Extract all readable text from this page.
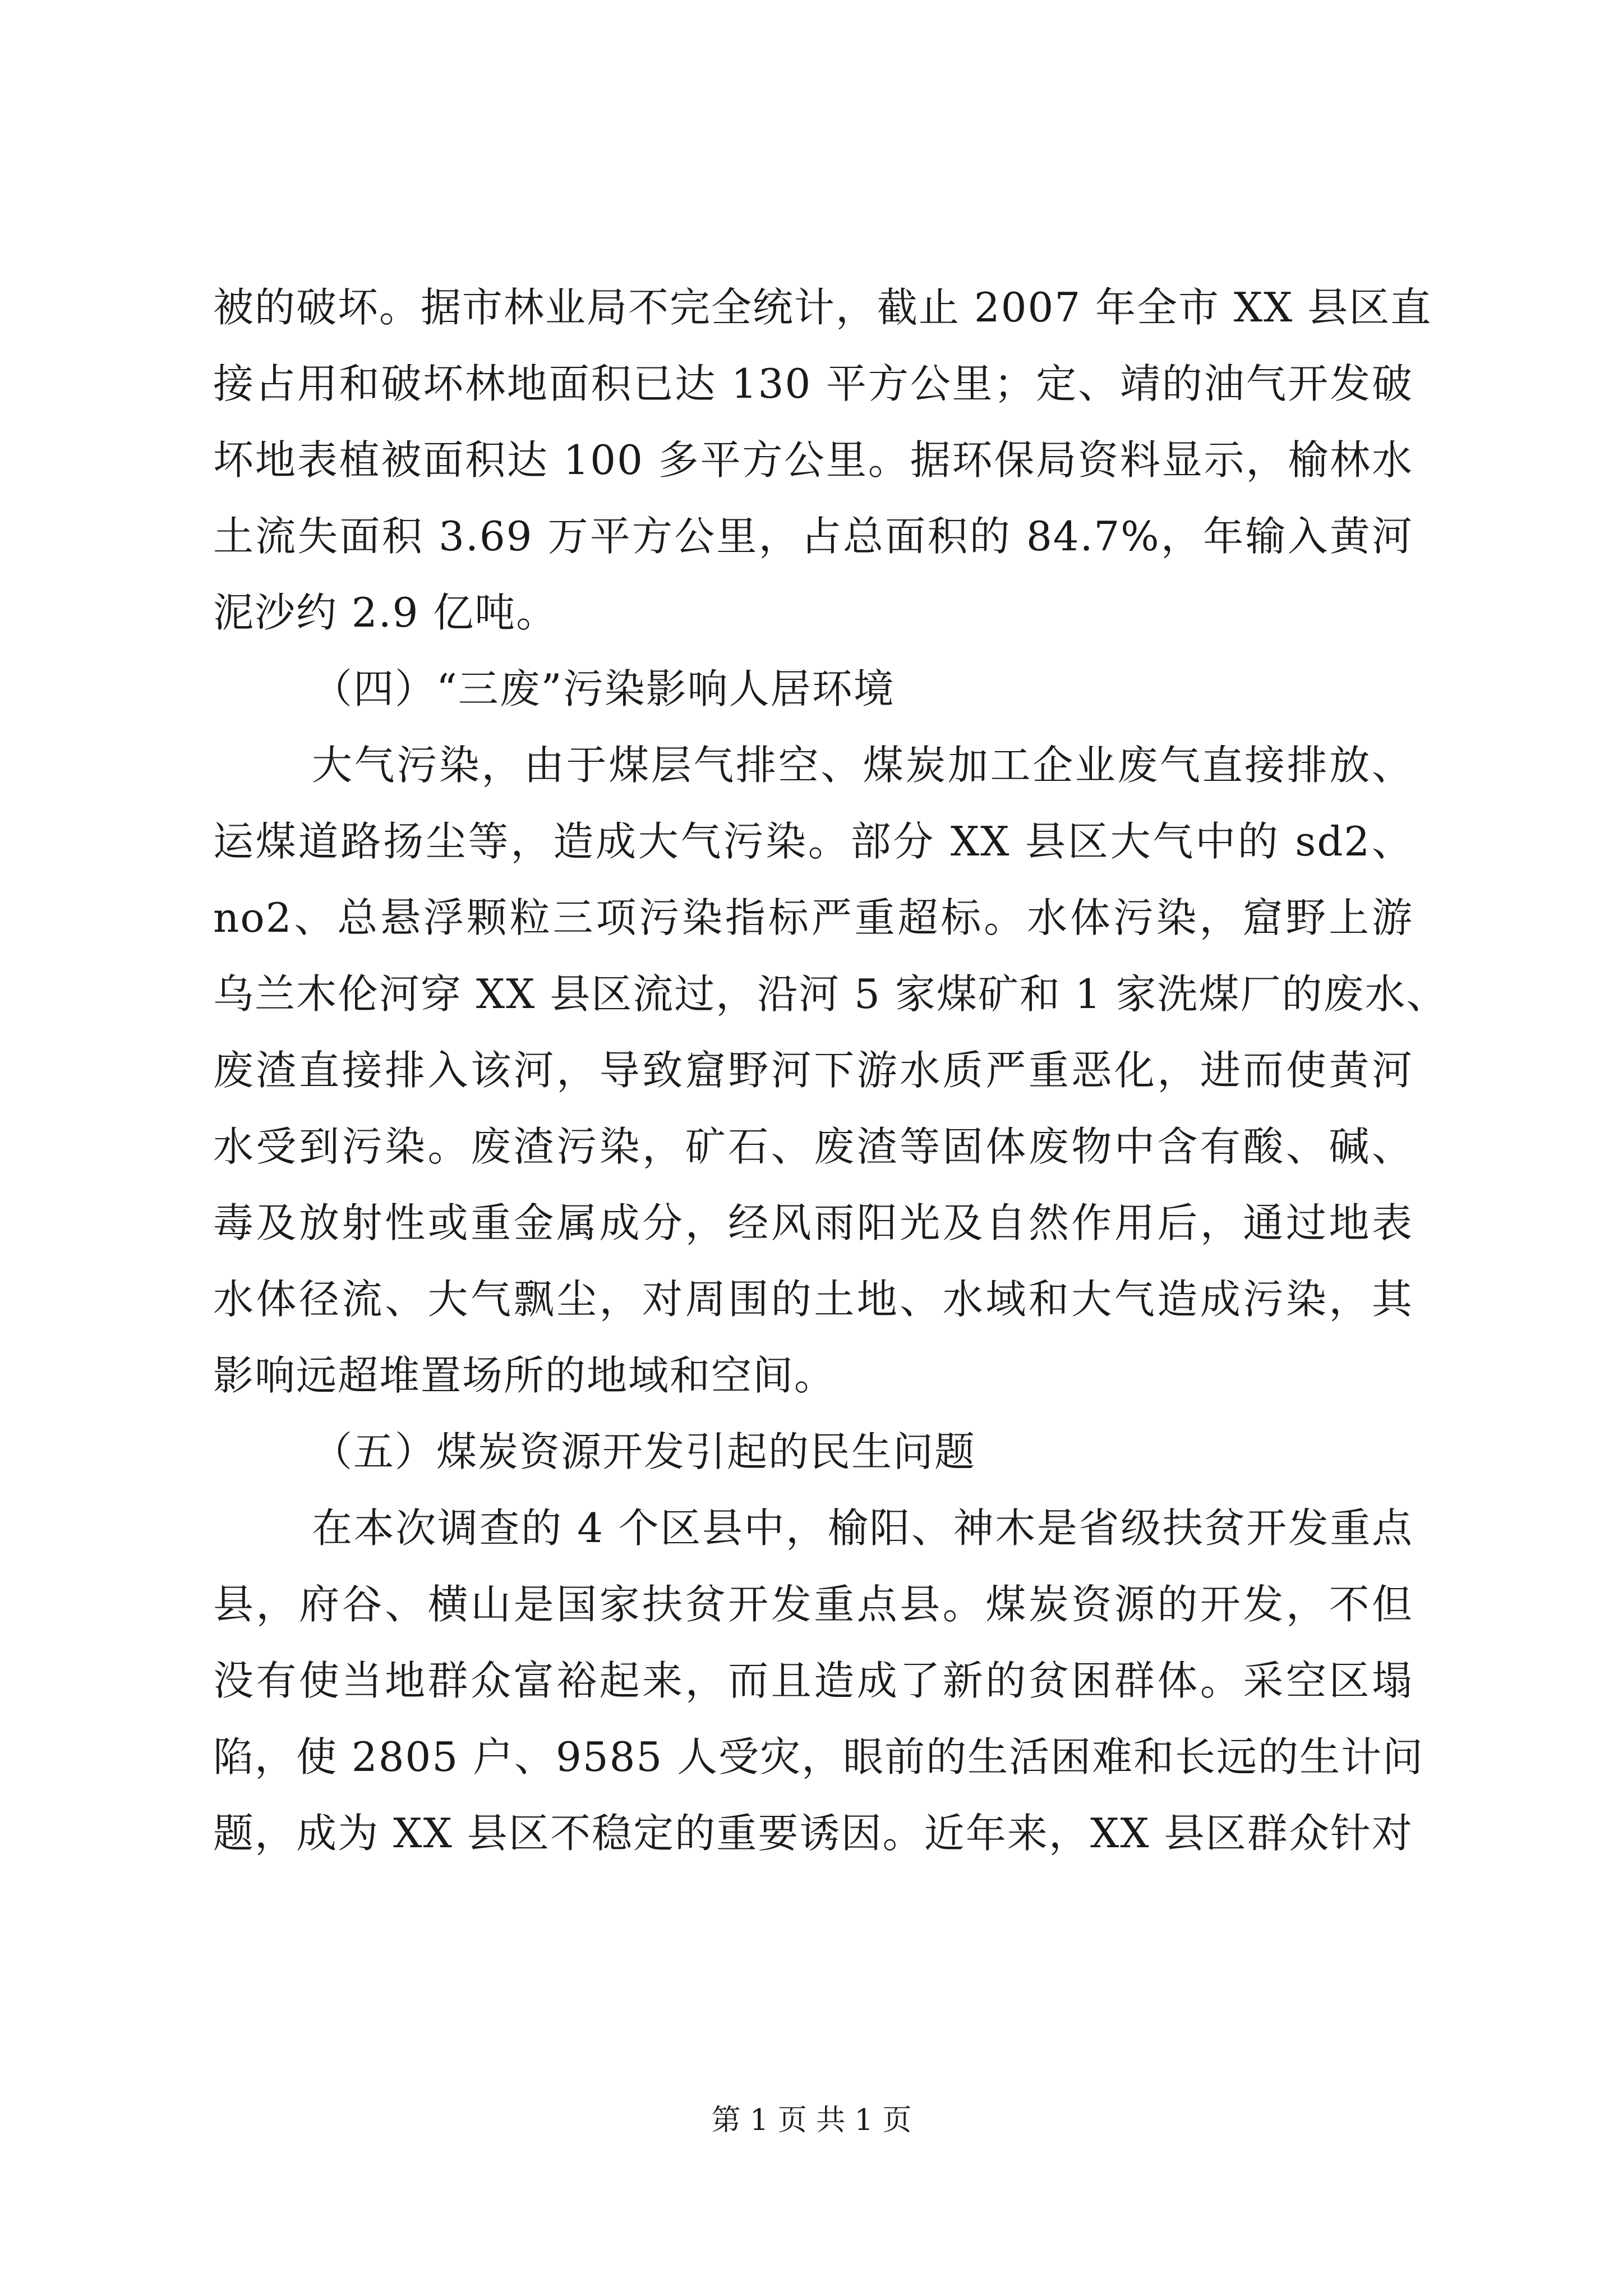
被的破坏。据市林业局不完全统计，截止 2007 年全市 XX 县区直
接占用和破坏林地面积已达 130 平方公里；定、靖的油气开发破
坏地表植被面积达 100 多平方公里。据环保局资料显示，榆林水
土流失面积 3.69 万平方公里，占总面积的 84.7%，年输入黄河
泥沙约 2.9 亿吨。
（四）“三废”污染影响人居环境
大气污染，由于煤层气排空、煤炭加工企业废气直接排放、
运煤道路扬尘等，造成大气污染。部分 XX 县区大气中的 sd2、
no2、总悬浮颗粒三项污染指标严重超标。水体污染，窟野上游
乌兰木伦河穿 XX 县区流过，沿河 5 家煤矿和 1 家洗煤厂的废水、
废渣直接排入该河，导致窟野河下游水质严重恶化，进而使黄河
水受到污染。废渣污染，矿石、废渣等固体废物中含有酸、碱、
毒及放射性或重金属成分，经风雨阳光及自然作用后，通过地表
水体径流、大气飘尘，对周围的土地、水域和大气造成污染，其
影响远超堆置场所的地域和空间。
（五）煤炭资源开发引起的民生问题
在本次调查的 4 个区县中，榆阳、神木是省级扶贫开发重点
县，府谷、横山是国家扶贫开发重点县。煤炭资源的开发，不但
没有使当地群众富裕起来，而且造成了新的贫困群体。采空区塌
陷，使 2805 户、9585 人受灾，眼前的生活困难和长远的生计问
题，成为 XX 县区不稳定的重要诱因。近年来，XX 县区群众针对
第 1 页 共 1 页
